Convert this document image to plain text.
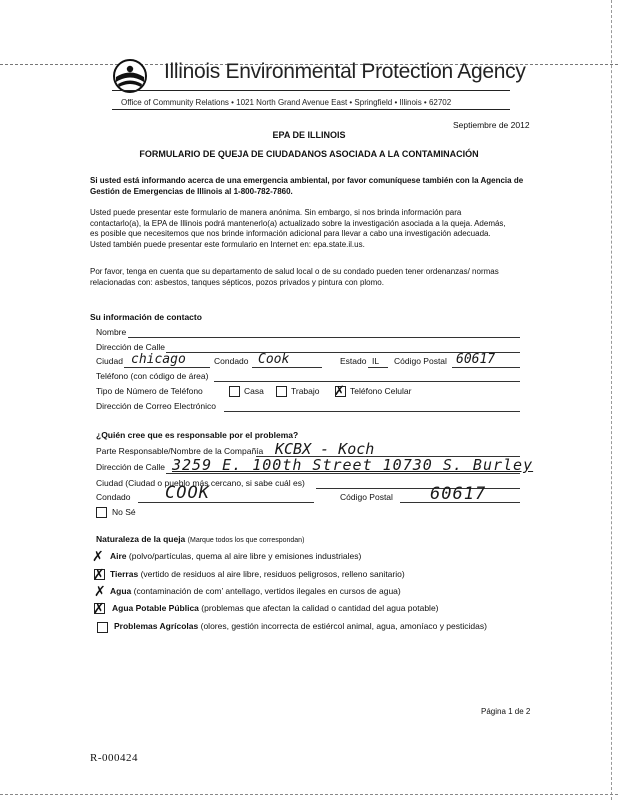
Illinois Environmental Protection Agency
Office of Community Relations • 1021 North Grand Avenue East • Springfield • Illinois • 62702
Septiembre de 2012
EPA DE ILLINOIS
FORMULARIO DE QUEJA DE CIUDADANOS ASOCIADA A LA CONTAMINACIÓN
Si usted está informando acerca de una emergencia ambiental, por favor comuníquese también con la Agencia de Gestión de Emergencias de Illinois al 1-800-782-7860.
Usted puede presentar este formulario de manera anónima. Sin embargo, si nos brinda información para contactarlo(a), la EPA de Illinois podrá mantenerlo(a) actualizado sobre la investigación asociada a la queja. Además, es posible que necesitemos que nos brinde información adicional para llevar a cabo una investigación adecuada. Usted también puede presentar este formulario en Internet en: epa.state.il.us.
Por favor, tenga en cuenta que su departamento de salud local o de su condado pueden tener ordenanzas/ normas relacionadas con: asbestos, tanques sépticos, pozos privados y pintura con plomo.
Su información de contacto
Nombre
Dirección de Calle
Ciudad chicago	Condado Cook	Estado IL Código Postal 60617
Teléfono (con código de área)
Tipo de Número de Teléfono	Casa	Trabajo ✗ Teléfono Celular
Dirección de Correo Electrónico
¿Quién cree que es responsable por el problema?
Parte Responsable/Nombre de la Compañía KCBX - Koch
Dirección de Calle 3259 E. 100th Street 10730 S. Burley
Ciudad (Ciudad o pueblo más cercano, si sabe cuál es)
Condado COOK	Código Postal 60617
No Sé
Naturaleza de la queja (Marque todos los que correspondan)
✗ Aire (polvo/partículas, quema al aire libre y emisiones industriales)
✗ Tierras (vertido de residuos al aire libre, residuos peligrosos, relleno sanitario)
✗ Agua (contaminación de com’ antellago, vertidos ilegales en cursos de agua)
✗ Agua Potable Pública (problemas que afectan la calidad o cantidad del agua potable)
Problemas Agrícolas (olores, gestión incorrecta de estiércol animal, agua, amoníaco y pesticidas)
Página 1 de 2
R-000424
